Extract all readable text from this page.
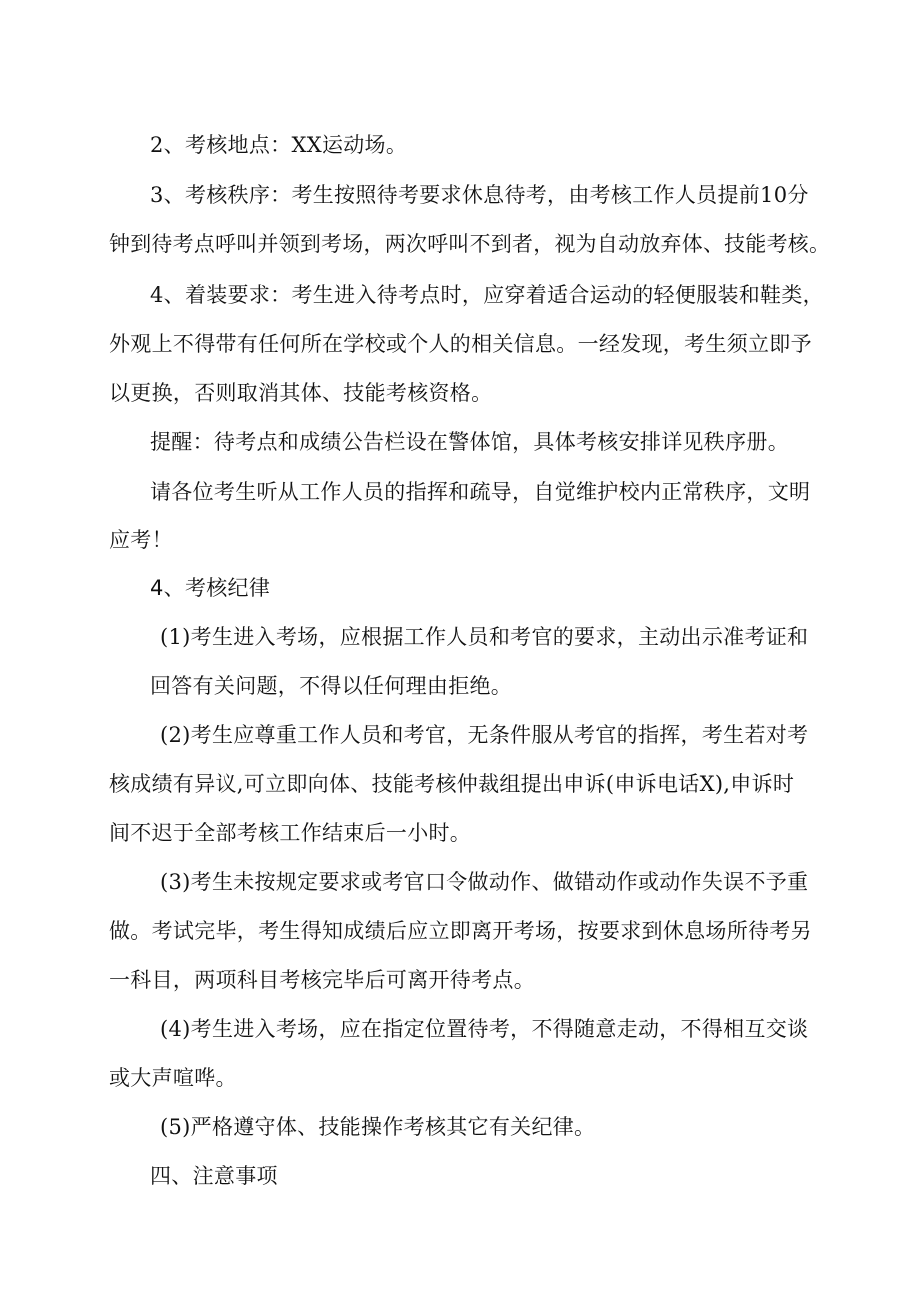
2、考核地点：XX运动场。
3、考核秩序：考生按照待考要求休息待考，由考核工作人员提前10分
钟到待考点呼叫并领到考场，两次呼叫不到者，视为自动放弃体、技能考核。
4、着装要求：考生进入待考点时，应穿着适合运动的轻便服装和鞋类，
外观上不得带有任何所在学校或个人的相关信息。一经发现，考生须立即予
以更换，否则取消其体、技能考核资格。
提醒：待考点和成绩公告栏设在警体馆，具体考核安排详见秩序册。
请各位考生听从工作人员的指挥和疏导，自觉维护校内正常秩序，文明
应考！
4、考核纪律
(1)考生进入考场，应根据工作人员和考官的要求，主动出示准考证和
回答有关问题，不得以任何理由拒绝。
(2)考生应尊重工作人员和考官，无条件服从考官的指挥，考生若对考
核成绩有异议,可立即向体、技能考核仲裁组提出申诉(申诉电话X),申诉时
间不迟于全部考核工作结束后一小时。
(3)考生未按规定要求或考官口令做动作、做错动作或动作失误不予重
做。考试完毕，考生得知成绩后应立即离开考场，按要求到休息场所待考另
一科目，两项科目考核完毕后可离开待考点。
(4)考生进入考场，应在指定位置待考，不得随意走动，不得相互交谈
或大声喧哗。
(5)严格遵守体、技能操作考核其它有关纪律。
四、注意事项
